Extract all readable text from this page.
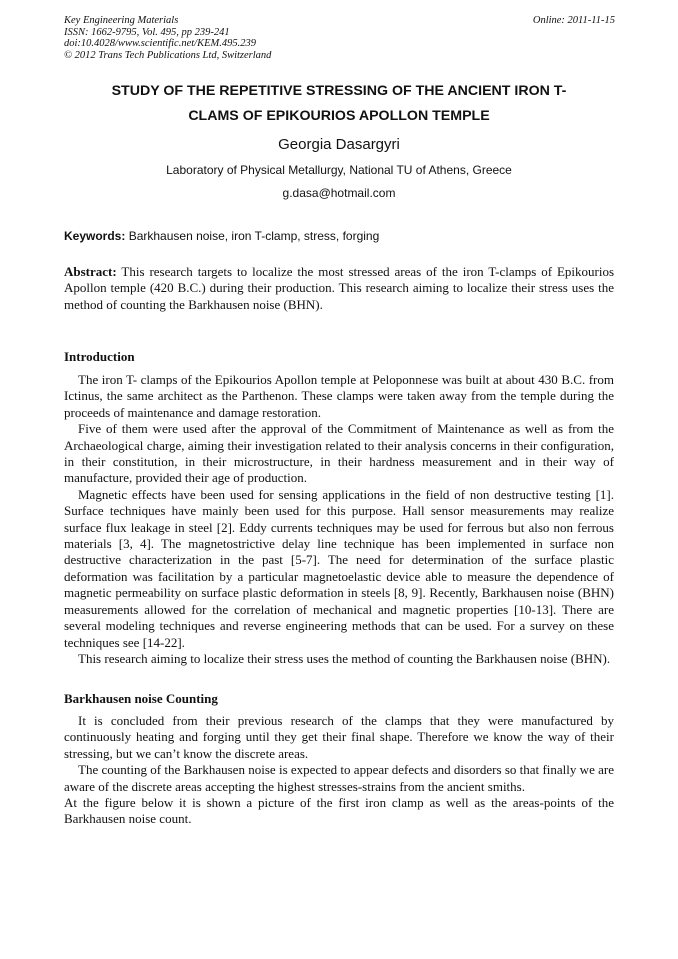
Key Engineering Materials
ISSN: 1662-9795, Vol. 495, pp 239-241
doi:10.4028/www.scientific.net/KEM.495.239
© 2012 Trans Tech Publications Ltd, Switzerland
Online: 2011-11-15
STUDY OF THE REPETITIVE STRESSING OF THE ANCIENT IRON T-
CLAMS OF EPIKOURIOS APOLLON TEMPLE
Georgia Dasargyri
Laboratory of Physical Metallurgy, National TU of Athens, Greece
g.dasa@hotmail.com
Keywords: Barkhausen noise, iron T-clamp, stress, forging
Abstract: This research targets to localize the most stressed areas of the iron T-clamps of Epikourios Apollon temple (420 B.C.) during their production. This research aiming to localize their stress uses the method of counting the Barkhausen noise (BHN).
Introduction

The iron T- clamps of the Epikourios Apollon temple at Peloponnese was built at about 430 B.C. from Ictinus, the same architect as the Parthenon. These clamps were taken away from the temple during the proceeds of maintenance and damage restoration.

Five of them were used after the approval of the Commitment of Maintenance as well as from the Archaeological charge, aiming their investigation related to their analysis concerns in their configuration, in their constitution, in their microstructure, in their hardness measurement and in their way of manufacture, provided their age of production.

Magnetic effects have been used for sensing applications in the field of non destructive testing [1]. Surface techniques have mainly been used for this purpose. Hall sensor measurements may realize surface flux leakage in steel [2]. Eddy currents techniques may be used for ferrous but also non ferrous materials [3, 4]. The magnetostrictive delay line technique has been implemented in surface non destructive characterization in the past [5-7]. The need for determination of the surface plastic deformation was facilitation by a particular magnetoelastic device able to measure the dependence of magnetic permeability on surface plastic deformation in steels [8, 9]. Recently, Barkhausen noise (BHN) measurements allowed for the correlation of mechanical and magnetic properties [10-13]. There are several modeling techniques and reverse engineering methods that can be used. For a survey on these techniques see [14-22].

This research aiming to localize their stress uses the method of counting the Barkhausen noise (BHN).

Barkhausen noise Counting

It is concluded from their previous research of the clamps that they were manufactured by continuously heating and forging until they get their final shape. Therefore we know the way of their stressing, but we can’t know the discrete areas.

The counting of the Barkhausen noise is expected to appear defects and disorders so that finally we are aware of the discrete areas accepting the highest stresses-strains from the ancient smiths.

At the figure below it is shown a picture of the first iron clamp as well as the areas-points of the Barkhausen noise count.
